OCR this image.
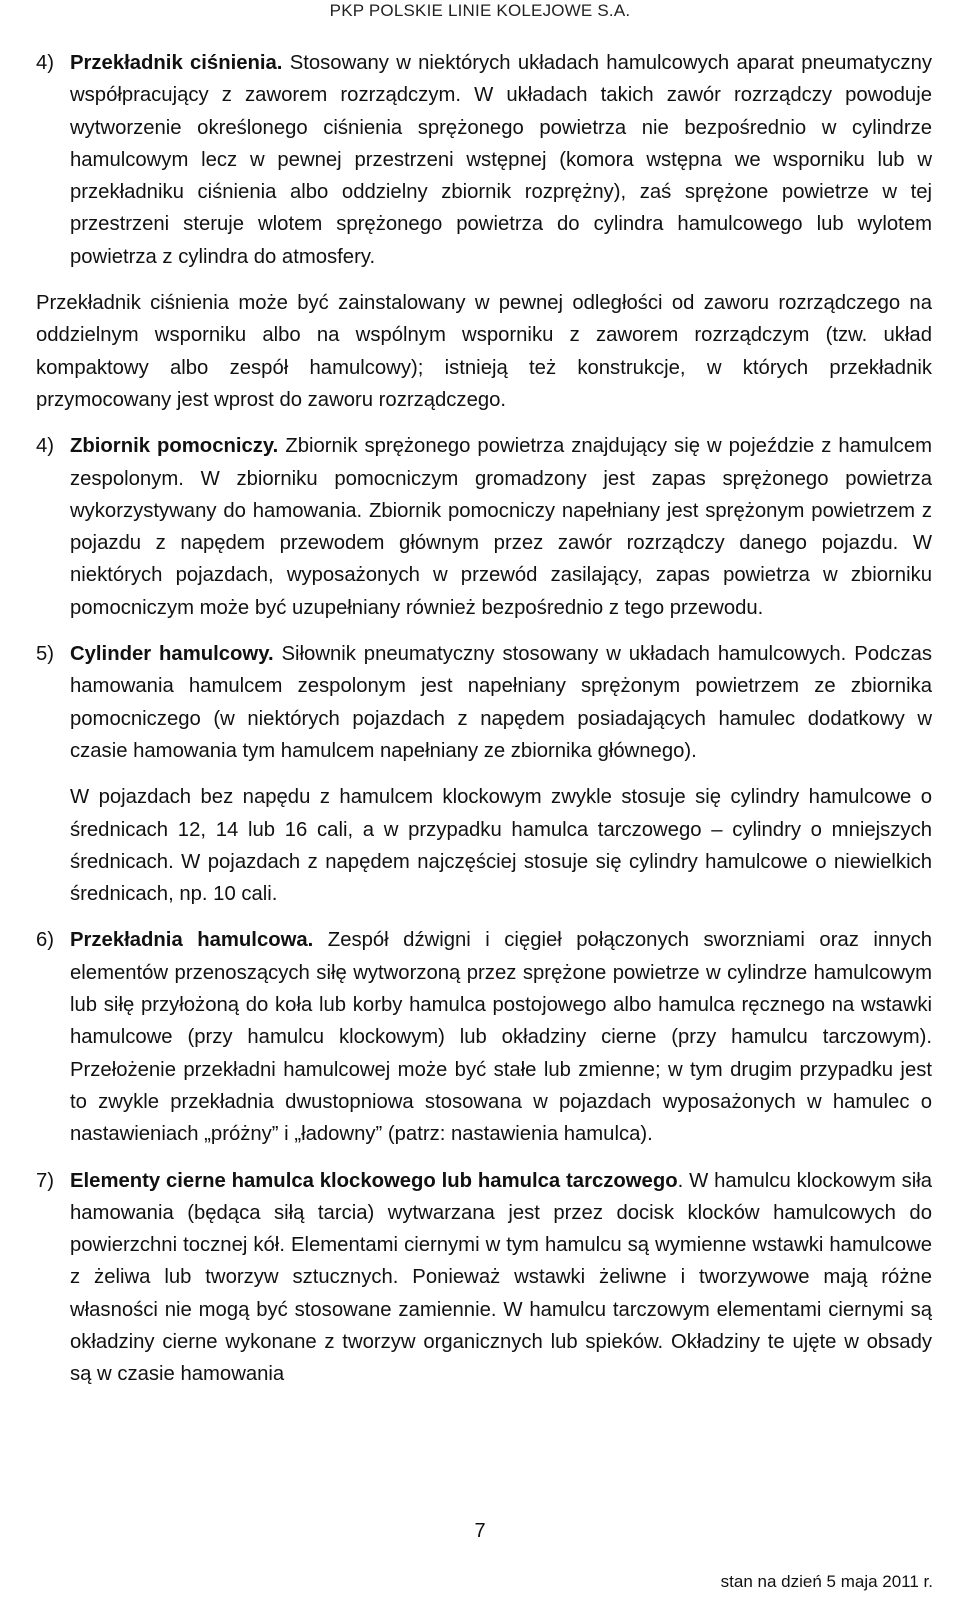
PKP POLSKIE LINIE KOLEJOWE S.A.
4) Przekładnik ciśnienia. Stosowany w niektórych układach hamulcowych aparat pneumatyczny współpracujący z zaworem rozrządczym. W układach takich zawór rozrządczy powoduje wytworzenie określonego ciśnienia sprężonego powietrza nie bezpośrednio w cylindrze hamulcowym lecz w pewnej przestrzeni wstępnej (komora wstępna we wsporniku lub w przekładniku ciśnienia albo oddzielny zbiornik rozprężny), zaś sprężone powietrze w tej przestrzeni steruje wlotem sprężonego powietrza do cylindra hamulcowego lub wylotem powietrza z cylindra do atmosfery.

Przekładnik ciśnienia może być zainstalowany w pewnej odległości od zaworu rozrządczego na oddzielnym wsporniku albo na wspólnym wsporniku z zaworem rozrządczym (tzw. układ kompaktowy albo zespół hamulcowy); istnieją też konstrukcje, w których przekładnik przymocowany jest wprost do zaworu rozrządczego.

4) Zbiornik pomocniczy. Zbiornik sprężonego powietrza znajdujący się w pojeździe z hamulcem zespolonym. W zbiorniku pomocniczym gromadzony jest zapas sprężonego powietrza wykorzystywany do hamowania. Zbiornik pomocniczy napełniany jest sprężonym powietrzem z pojazdu z napędem przewodem głównym przez zawór rozrządczy danego pojazdu. W niektórych pojazdach, wyposażonych w przewód zasilający, zapas powietrza w zbiorniku pomocniczym może być uzupełniany również bezpośrednio z tego przewodu.

5) Cylinder hamulcowy. Siłownik pneumatyczny stosowany w układach hamulcowych. Podczas hamowania hamulcem zespolonym jest napełniany sprężonym powietrzem ze zbiornika pomocniczego (w niektórych pojazdach z napędem posiadających hamulec dodatkowy w czasie hamowania tym hamulcem napełniany ze zbiornika głównego).

W pojazdach bez napędu z hamulcem klockowym zwykle stosuje się cylindry hamulcowe o średnicach 12, 14 lub 16 cali, a w przypadku hamulca tarczowego – cylindry o mniejszych średnicach. W pojazdach z napędem najczęściej stosuje się cylindry hamulcowe o niewielkich średnicach, np. 10 cali.

6) Przekładnia hamulcowa. Zespół dźwigni i cięgieł połączonych sworzniami oraz innych elementów przenoszących siłę wytworzoną przez sprężone powietrze w cylindrze hamulcowym lub siłę przyłożoną do koła lub korby hamulca postojowego albo hamulca ręcznego na wstawki hamulcowe (przy hamulcu klockowym) lub okładziny cierne (przy hamulcu tarczowym). Przełożenie przekładni hamulcowej może być stałe lub zmienne; w tym drugim przypadku jest to zwykle przekładnia dwustopniowa stosowana w pojazdach wyposażonych w hamulec o nastawieniach „próżny” i „ładowny” (patrz: nastawienia hamulca).

7) Elementy cierne hamulca klockowego lub hamulca tarczowego. W hamulcu klockowym siła hamowania (będąca siłą tarcia) wytwarzana jest przez docisk klocków hamulcowych do powierzchni tocznej kół. Elementami ciernymi w tym hamulcu są wymienne wstawki hamulcowe z żeliwa lub tworzyw sztucznych. Ponieważ wstawki żeliwne i tworzywowe mają różne własności nie mogą być stosowane zamiennie. W hamulcu tarczowym elementami ciernymi są okładziny cierne wykonane z tworzyw organicznych lub spieków. Okładziny te ujęte w obsady są w czasie hamowania

7
stan na dzień 5 maja 2011 r.
